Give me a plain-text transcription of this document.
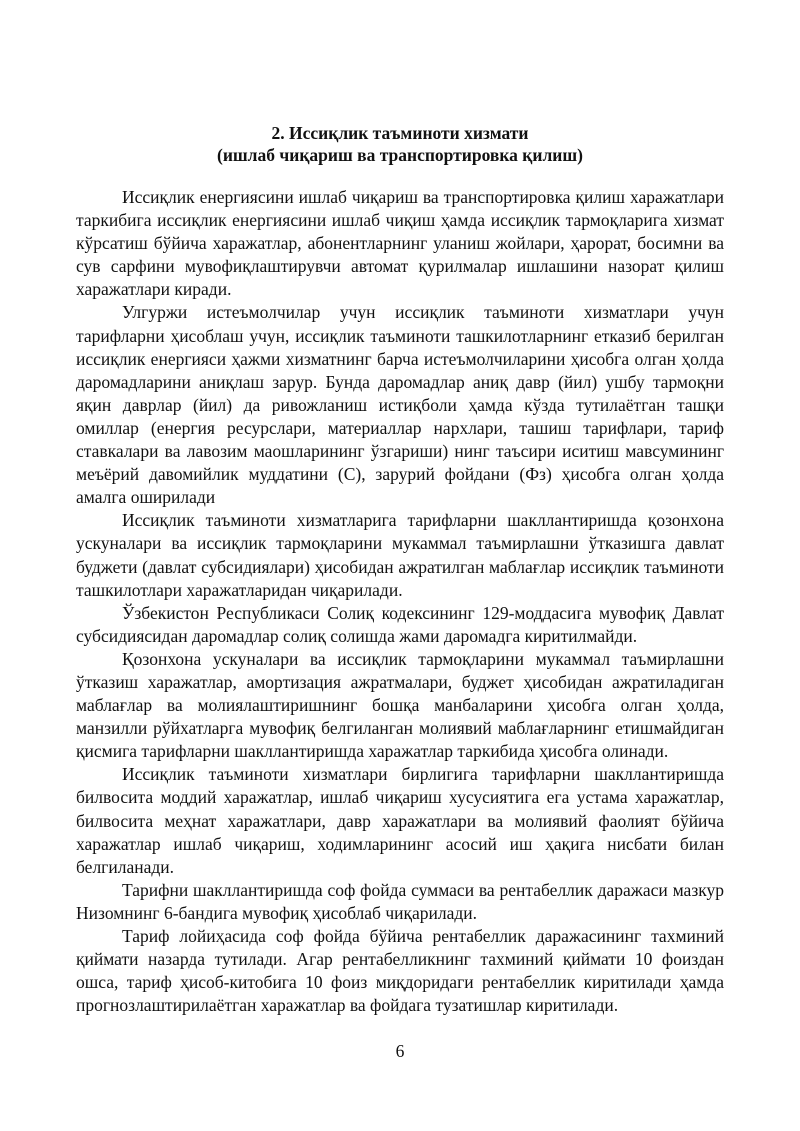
2. Иссиқлик таъминоти хизмати
(ишлаб чиқариш ва транспортировка қилиш)

Иссиқлик енергиясини ишлаб чиқариш ва транспортировка қилиш харажатлари таркибига иссиқлик енергиясини ишлаб чиқиш ҳамда иссиқлик тармоқларига хизмат кўрсатиш бўйича харажатлар, абонентларнинг уланиш жойлари, ҳарорат, босимни ва сув сарфини мувофиқлаштирувчи автомат қурилмалар ишлашини назорат қилиш харажатлари киради.

Улгуржи истеъмолчилар учун иссиқлик таъминоти хизматлари учун тарифларни ҳисоблаш учун, иссиқлик таъминоти ташкилотларнинг етказиб берилган иссиқлик енергияси ҳажми хизматнинг барча истеъмолчиларини ҳисобга олган ҳолда даромадларини аниқлаш зарур. Бунда даромадлар аниқ давр (йил) ушбу тармоқни яқин даврлар (йил) да ривожланиш истиқболи ҳамда кўзда тутилаётган ташқи омиллар (енергия ресурслари, материаллар нархлари, ташиш тарифлари, тариф ставкалари ва лавозим маошларининг ўзгариши) нинг таъсири иситиш мавсумининг меъёрий давомийлик муддатини (С), зарурий фойдани (Фз) ҳисобга олган ҳолда амалга оширилади

Иссиқлик таъминоти хизматларига тарифларни шакллантиришда қозонхона ускуналари ва иссиқлик тармоқларини мукаммал таъмирлашни ўтказишга давлат буджети (давлат субсидиялари) ҳисобидан ажратилган маблағлар иссиқлик таъминоти ташкилотлари харажатларидан чиқарилади.

Ўзбекистон Республикаси Солиқ кодексининг 129-моддасига мувофиқ Давлат субсидиясидан даромадлар солиқ солишда жами даромадга киритилмайди.

Қозонхона ускуналари ва иссиқлик тармоқларини мукаммал таъмирлашни ўтказиш харажатлар, амортизация ажратмалари, буджет ҳисобидан ажратиладиган маблағлар ва молиялаштиришнинг бошқа манбаларини ҳисобга олган ҳолда, манзилли рўйхатларга мувофиқ белгиланган молиявий маблағларнинг етишмайдиган қисмига тарифларни шакллантиришда харажатлар таркибида ҳисобга олинади.

Иссиқлик таъминоти хизматлари бирлигига тарифларни шакллантиришда билвосита моддий харажатлар, ишлаб чиқариш хусусиятига ега устама харажатлар, билвосита меҳнат харажатлари, давр харажатлари ва молиявий фаолият бўйича харажатлар ишлаб чиқариш, ходимларининг асосий иш ҳақига нисбати билан белгиланади.

Тарифни шакллантиришда соф фойда суммаси ва рентабеллик даражаси мазкур Низомнинг 6-бандига мувофиқ ҳисоблаб чиқарилади.

Тариф лойиҳасида соф фойда бўйича рентабеллик даражасининг тахминий қиймати назарда тутилади. Агар рентабелликнинг тахминий қиймати 10 фоиздан ошса, тариф ҳисоб-китобига 10 фоиз миқдоридаги рентабеллик киритилади ҳамда прогнозлаштирилаётган харажатлар ва фойдага тузатишлар киритилади.

6
